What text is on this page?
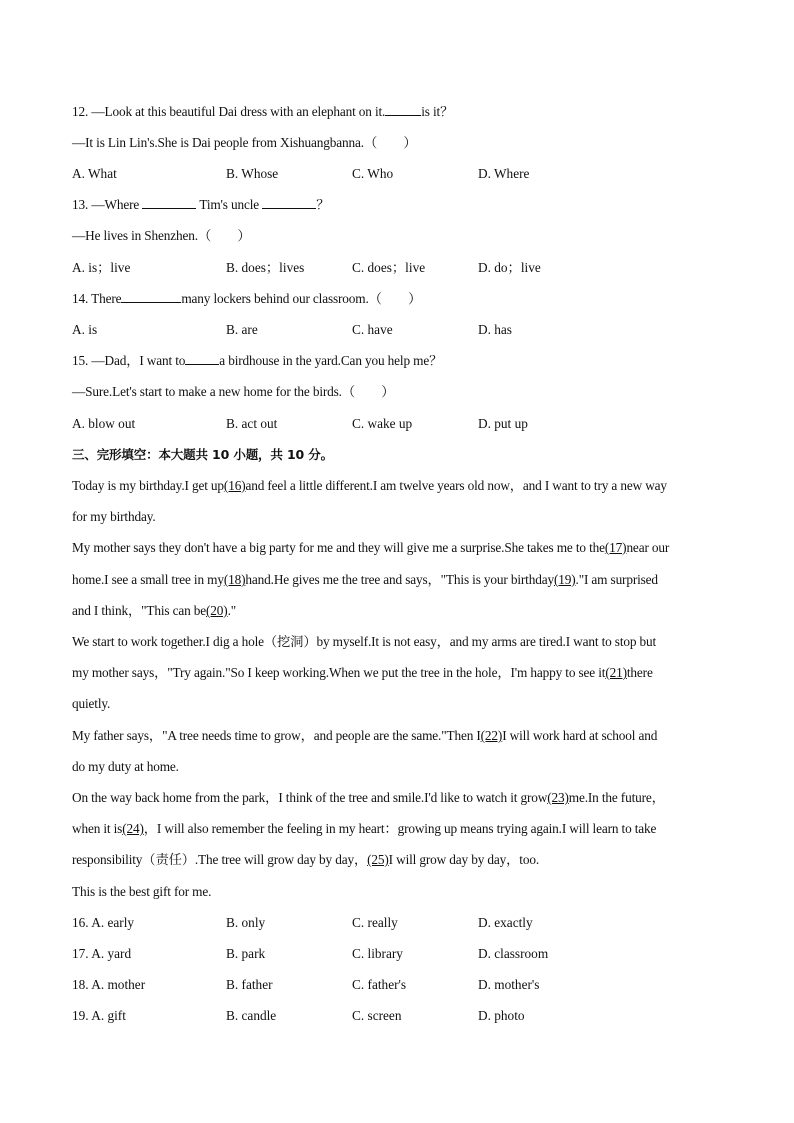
12. —Look at this beautiful Dai dress with an elephant on it.	is it？
—It is Lin Lin's.She is Dai people from Xishuangbanna.（　　）
A. What	B. Whose	C. Who	D. Where
13. —Where	Tim's uncle	？
—He lives in Shenzhen.（　　）
A. is；live	B. does；lives	C. does；live	D. do；live
14. There	many lockers behind our classroom.（　　）
A. is	B. are	C. have	D. has
15. —Dad，I want to	a birdhouse in the yard.Can you help me？
—Sure.Let's start to make a new home for the birds.（　　）
A. blow out	B. act out	C. wake up	D. put up
三、完形填空：本大题共 10 小题，共 10 分。
Today is my birthday.I get up(16)and feel a little different.I am twelve years old now，and I want to try a new way
for my birthday.
My mother says they don't have a big party for me and they will give me a surprise.She takes me to the(17)near our
home.I see a small tree in my(18)hand.He gives me the tree and says，"This is your birthday(19)."I am surprised
and I think，"This can be(20)."
We start to work together.I dig a hole（挖洞）by myself.It is not easy，and my arms are tired.I want to stop but
my mother says，"Try again."So I keep working.When we put the tree in the hole，I'm happy to see it(21)there
quietly.
My father says，"A tree needs time to grow，and people are the same."Then I(22)I will work hard at school and
do my duty at home.
On the way back home from the park，I think of the tree and smile.I'd like to watch it grow(23)me.In the future，
when it is(24)，I will also remember the feeling in my heart：growing up means trying again.I will learn to take
responsibility（责任）.The tree will grow day by day，(25)I will grow day by day，too.
This is the best gift for me.
16. A. early	B. only	C. really	D. exactly
17. A. yard	B. park	C. library	D. classroom
18. A. mother	B. father	C. father's	D. mother's
19. A. gift	B. candle	C. screen	D. photo
